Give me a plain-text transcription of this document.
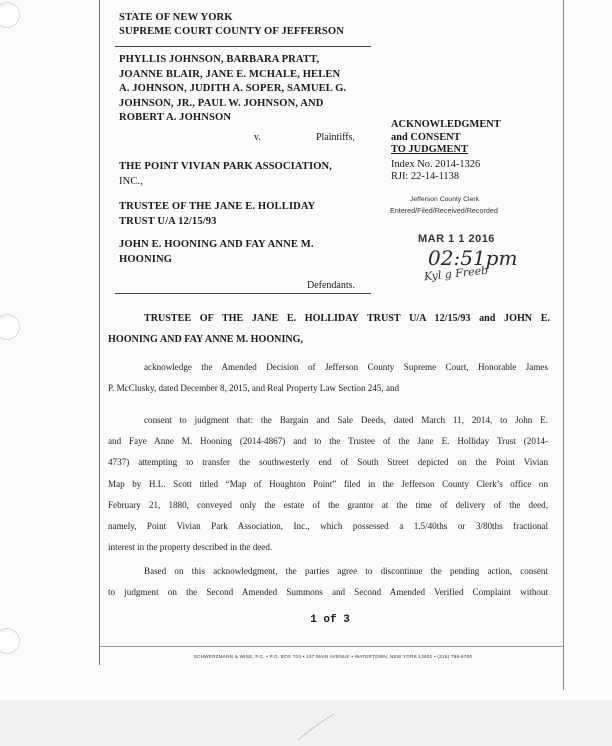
STATE OF NEW YORK
SUPREME COURT COUNTY OF JEFFERSON
PHYLLIS JOHNSON, BARBARA PRATT,
JOANNE BLAIR, JANE E. MCHALE, HELEN
A. JOHNSON, JUDITH A. SOPER, SAMUEL G.
JOHNSON, JR., PAUL W. JOHNSON, AND
ROBERT A. JOHNSON
v.	Plaintiffs,
THE POINT VIVIAN PARK ASSOCIATION,
INC.,
TRUSTEE OF THE JANE E. HOLLIDAY
TRUST U/A 12/15/93
JOHN E. HOONING AND FAY ANNE M.
HOONING
Defendants.
ACKNOWLEDGMENT
and CONSENT
TO JUDGMENT
Index No. 2014-1326
RJI: 22-14-1138
Jefferson County Clerk
Entered/Filed/Received/Recorded
MAR 1 1 2016
02:51pm
Kyl g Freeb
TRUSTEE OF THE JANE E. HOLLIDAY TRUST U/A 12/15/93 and JOHN E.
HOONING AND FAY ANNE M. HOONING,
acknowledge the Amended Decision of Jefferson County Supreme Court, Honorable James
P. McClusky, dated December 8, 2015, and Real Property Law Section 245, and
consent to judgment that: the Bargain and Sale Deeds, dated March 11, 2014, to John E.
and Faye Anne M. Hooning (2014-4867) and to the Trustee of the Jane E. Holliday Trust (2014-
4737) attempting to transfer the southwesterly end of South Street depicted on the Point Vivian
Map by H.L. Scott titled “Map of Houghton Point” filed in the Jefferson County Clerk’s office on
February 21, 1880, conveyed only the estate of the grantor at the time of delivery of the deed,
namely, Point Vivian Park Association, Inc., which possessed a 1.5/40ths or 3/80ths fractional
interest in the property described in the deed.
Based on this acknowledgment, the parties agree to discontinue the pending action, consent
to judgment on the Second Amended Summons and Second Amended Verified Complaint without
1 of 3
SCHWERZMANN & WISE, P.C. • P.O. BOX 704 • 137 MAIN AVENUE • WATERTOWN, NEW YORK 13601 • (315) 788-6700
